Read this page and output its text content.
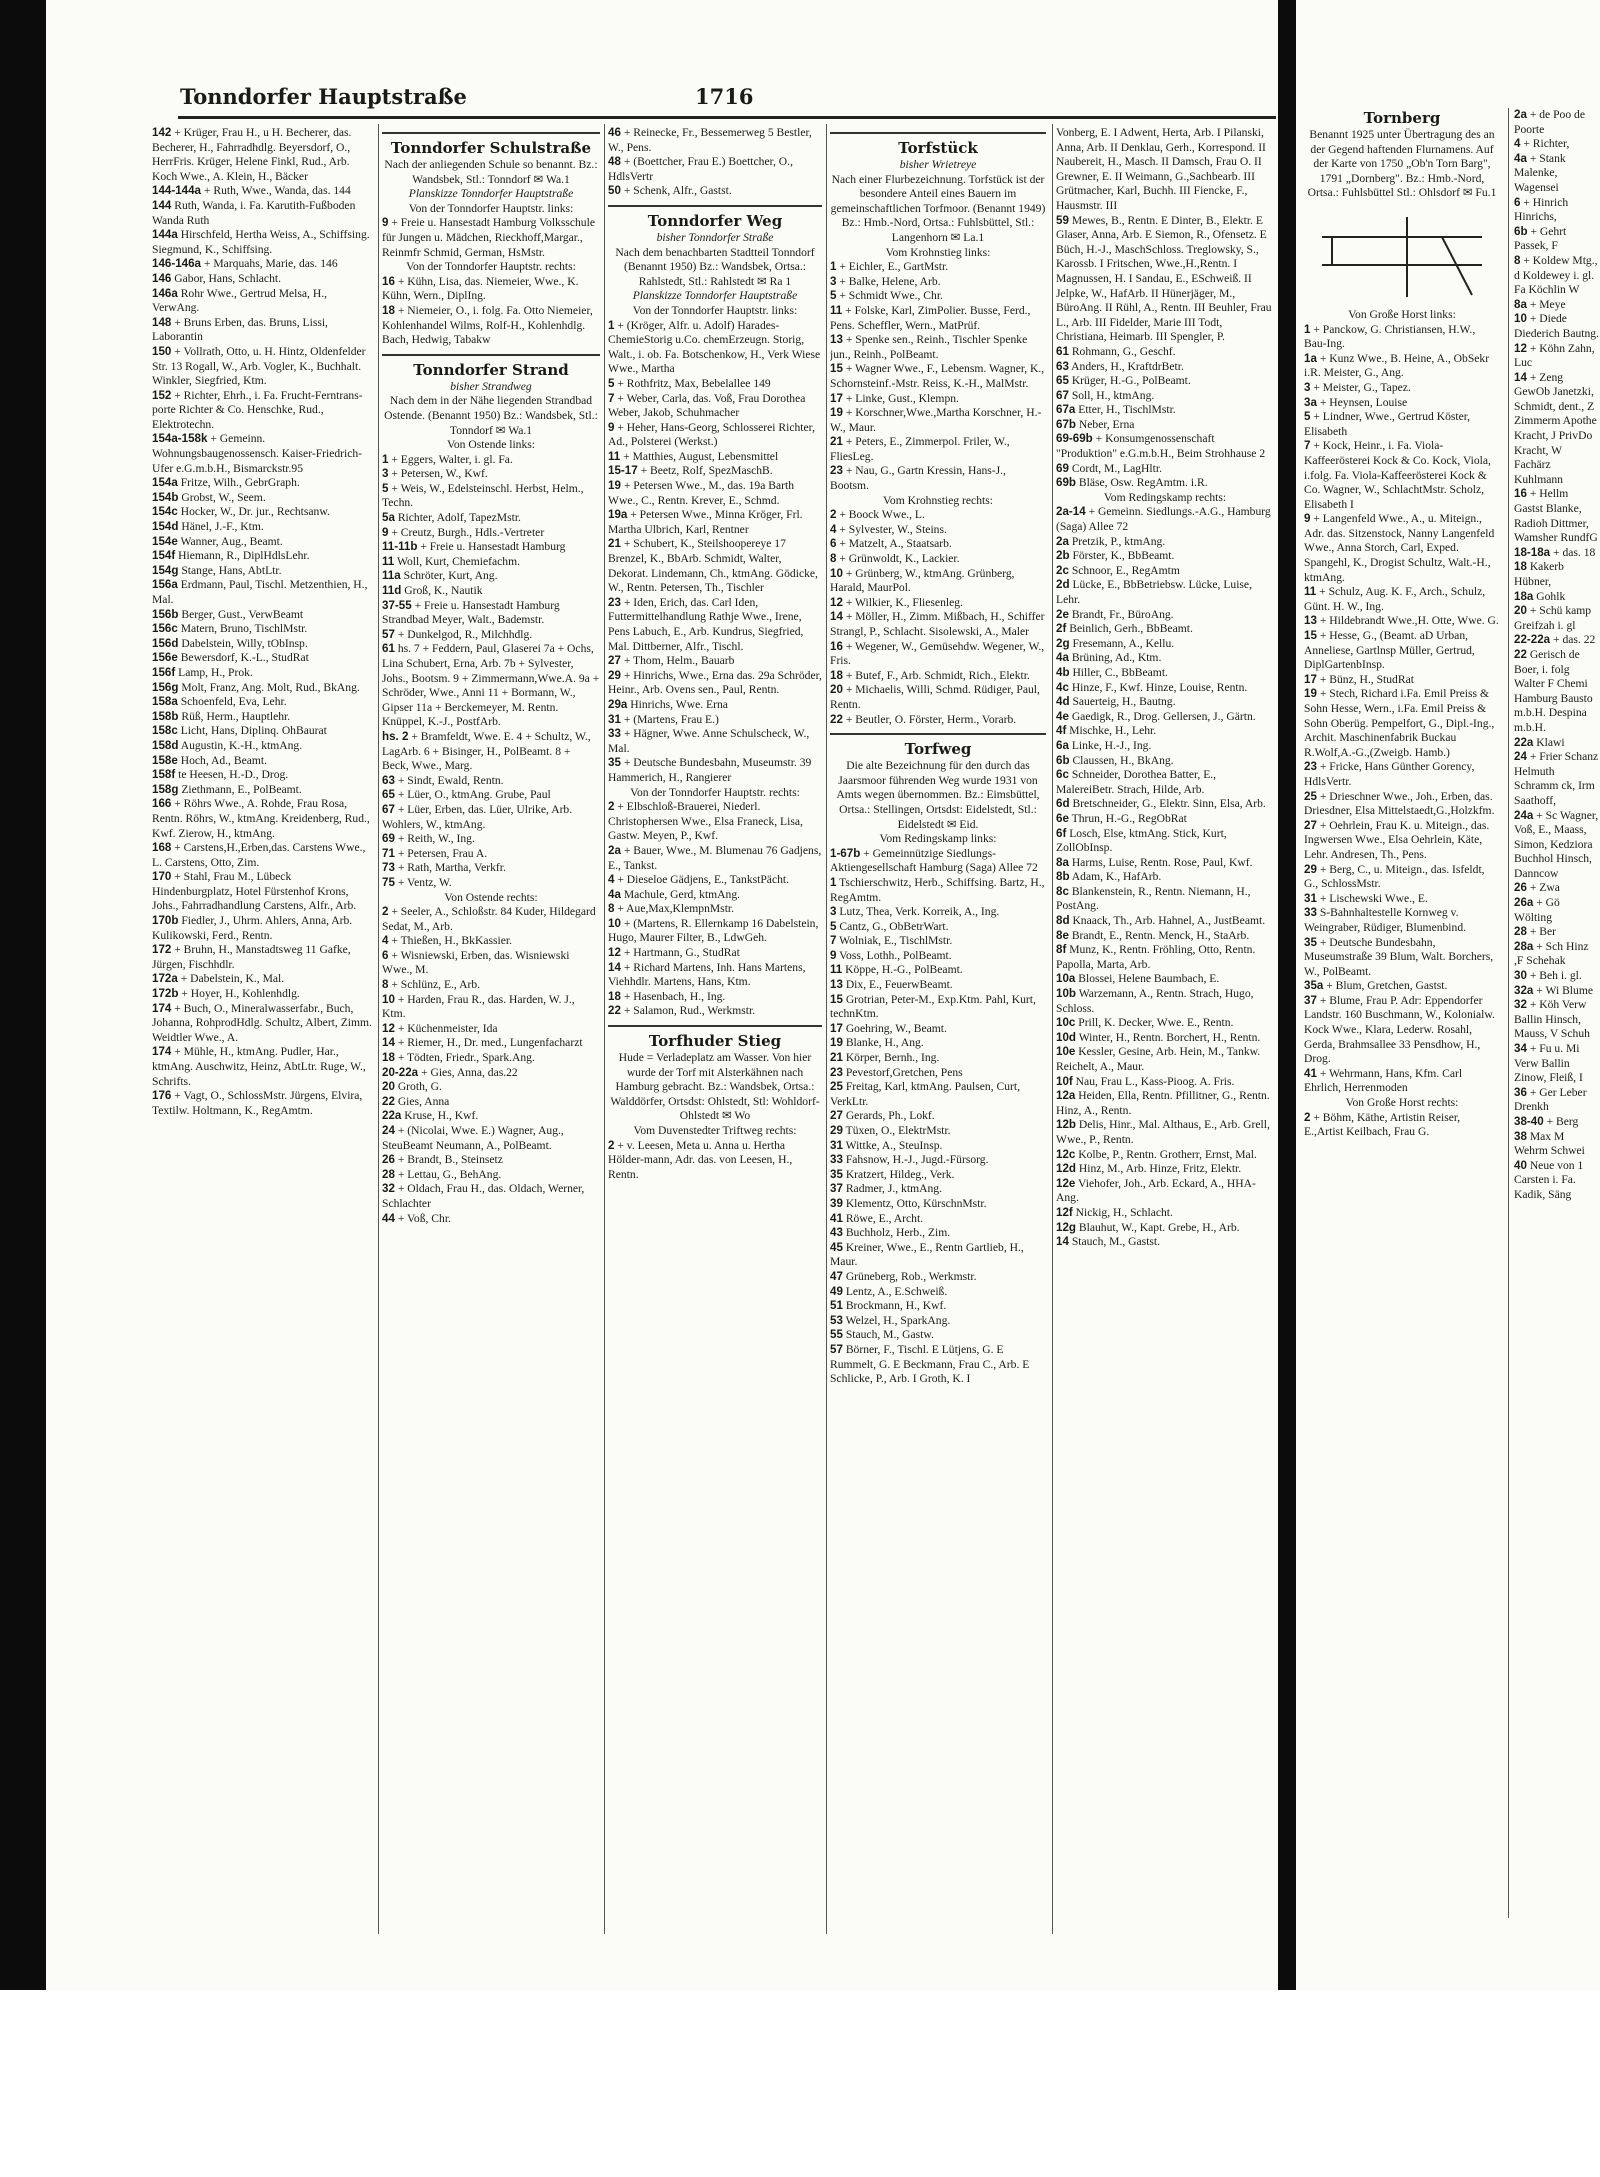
Tonndorfer Hauptstraße	1716
142 + Krüger, Frau H., u H. Becherer, das. Becherer, H., Fahrradhdlg. Beyersdorf, O., HerrFris. Krüger, Helene Finkl, Rud., Arb. Koch Wwe., A. Klein, H., Bäcker
144-144a + Ruth, Wwe., Wanda, das. 144
144 Ruth, Wanda, i. Fa. Karutith-Fußboden Wanda Ruth
144a Hirschfeld, Hertha Weiss, A., Schiffsing. Siegmund, K., Schiffsing.
146-146a + Marquahs, Marie, das. 146
146 Gabor, Hans, Schlacht.
146a Rohr Wwe., Gertrud Melsa, H., VerwAng.
148 + Bruns Erben, das. Bruns, Lissi, Laborantin
150 + Vollrath, Otto, u. H. Hintz, Oldenfelder Str. 13 Rogall, W., Arb. Vogler, K., Buchhalt. Winkler, Siegfried, Ktm.
152 + Richter, Ehrh., i. Fa. Frucht-Ferntrans-porte Richter & Co. Henschke, Rud., Elektrotechn.
154a-158k + Gemeinn. Wohnungsbaugenossensch. Kaiser-Friedrich-Ufer e.G.m.b.H., Bismarckstr.95
154a Fritze, Wilh., GebrGraph.
154b Grobst, W., Seem.
154c Hocker, W., Dr. jur., Rechtsanw.
154d Hänel, J.-F., Ktm.
154e Wanner, Aug., Beamt.
154f Hiemann, R., DiplHdlsLehr.
154g Stange, Hans, AbtLtr.
156a Erdmann, Paul, Tischl. Metzenthien, H., Mal.
156b Berger, Gust., VerwBeamt
156c Matern, Bruno, TischlMstr.
156d Dabelstein, Willy, tObInsp.
156e Bewersdorf, K.-L., StudRat
156f Lamp, H., Prok.
156g Molt, Franz, Ang. Molt, Rud., BkAng.
158a Schoenfeld, Eva, Lehr.
158b Rüß, Herm., Hauptlehr.
158c Licht, Hans, Diplinq. OhBaurat
158d Augustin, K.-H., ktmAng.
158e Hoch, Ad., Beamt.
158f te Heesen, H.-D., Drog.
158g Ziethmann, E., PolBeamt.
166 + Röhrs Wwe., A. Rohde, Frau Rosa, Rentn. Röhrs, W., ktmAng. Kreidenberg, Rud., Kwf. Zierow, H., ktmAng.
168 + Carstens,H.,Erben,das. Carstens Wwe., L. Carstens, Otto, Zim.
170 + Stahl, Frau M., Lübeck Hindenburgplatz, Hotel Fürstenhof Krons, Johs., Fahrradhandlung Carstens, Alfr., Arb.
170b Fiedler, J., Uhrm. Ahlers, Anna, Arb. Kulikowski, Ferd., Rentn.
172 + Bruhn, H., Manstadtsweg 11 Gafke, Jürgen, Fischhdlr.
172a + Dabelstein, K., Mal.
172b + Hoyer, H., Kohlenhdlg.
174 + Buch, O., Mineralwasserfabr., Buch, Johanna, RohprodHdlg. Schultz, Albert, Zimm. Weidtler Wwe., A.
174 + Mühle, H., ktmAng. Pudler, Har., ktmAng. Auschwitz, Heinz, AbtLtr. Ruge, W., Schrifts.
176 + Vagt, O., SchlossMstr. Jürgens, Elvira, Textilw. Holtmann, K., RegAmtm.
Tonndorfer Schulstraße
Nach der anliegenden Schule so benannt. Bz.: Wandsbek, Stl.: Tonndorf ✉ Wa.1
Planskizze Tonndorfer Hauptstraße
Von der Tonndorfer Hauptstr. links:
9 + Freie u. Hansestadt Hamburg Volksschule für Jungen u. Mädchen, Rieckhoff,Margar., Reinmfr Schmid, German, HsMstr.
Von der Tonndorfer Hauptstr. rechts:
16 + Kühn, Lisa, das. Niemeier, Wwe., K. Kühn, Wern., DiplIng.
18 + Niemeier, O., i. folg. Fa. Otto Niemeier, Kohlenhandel Wilms, Rolf-H., Kohlenhdlg. Bach, Hedwig, Tabakw
Tonndorfer Strand
bisher Strandweg
Nach dem in der Nähe liegenden Strandbad Ostende. (Benannt 1950) Bz.: Wandsbek, Stl.: Tonndorf ✉ Wa.1
Von Ostende links:
1 + Eggers, Walter, i. gl. Fa.
3 + Petersen, W., Kwf.
5 + Weis, W., Edelsteinschl. Herbst, Helm., Techn.
5a Richter, Adolf, TapezMstr.
9 + Creutz, Burgh., Hdls.-Vertreter
11-11b + Freie u. Hansestadt Hamburg
11 Woll, Kurt, Chemiefachm.
11a Schröter, Kurt, Ang.
11d Groß, K., Nautik
37-55 + Freie u. Hansestadt Hamburg Strandbad Meyer, Walt., Bademstr.
57 + Dunkelgod, R., Milchhdlg.
61 hs. 7 + Feddern, Paul, Glaserei 7a + Ochs, Lina Schubert, Erna, Arb. 7b + Sylvester, Johs., Bootsm. 9 + Zimmermann,Wwe.A. 9a + Schröder, Wwe., Anni 11 + Bormann, W., Gipser 11a + Berckemeyer, M. Rentn. Knüppel, K.-J., PostfArb.
hs. 2 + Bramfeldt, Wwe. E. 4 + Schultz, W., LagArb. 6 + Bisinger, H., PolBeamt. 8 + Beck, Wwe., Marg.
63 + Sindt, Ewald, Rentn.
65 + Lüer, O., ktmAng. Grube, Paul
67 + Lüer, Erben, das. Lüer, Ulrike, Arb. Wohlers, W., ktmAng.
69 + Reith, W., Ing.
71 + Petersen, Frau A.
73 + Rath, Martha, Verkfr.
75 + Ventz, W.
Von Ostende rechts:
2 + Seeler, A., Schloßstr. 84 Kuder, Hildegard Sedat, M., Arb.
4 + Thießen, H., BkKassier.
6 + Wisniewski, Erben, das. Wisniewski Wwe., M.
8 + Schlünz, E., Arb.
10 + Harden, Frau R., das. Harden, W. J., Ktm.
12 + Küchenmeister, Ida
14 + Riemer, H., Dr. med., Lungenfacharzt
18 + Tödten, Friedr., Spark.Ang.
20-22a + Gies, Anna, das.22
20 Groth, G.
22 Gies, Anna
22a Kruse, H., Kwf.
24 + (Nicolai, Wwe. E.) Wagner, Aug., SteuBeamt Neumann, A., PolBeamt.
26 + Brandt, B., Steinsetz
28 + Lettau, G., BehAng.
32 + Oldach, Frau H., das. Oldach, Werner, Schlachter
44 + Voß, Chr.
46 + Reinecke, Fr., Bessemerweg 5 Bestler, W., Pens.
48 + (Boettcher, Frau E.) Boettcher, O., HdlsVertr
50 + Schenk, Alfr., Gastst.
Tonndorfer Weg
bisher Tonndorfer Straße
Nach dem benachbarten Stadtteil Tonndorf (Benannt 1950) Bz.: Wandsbek, Ortsa.: Rahlstedt, Stl.: Rahlstedt ✉ Ra 1
Planskizze Tonndorfer Hauptstraße
Von der Tonndorfer Hauptstr. links:
1 + (Kröger, Alfr. u. Adolf) Harades-ChemieStorig u.Co. chemErzeugn. Storig, Walt., i. ob. Fa. Botschenkow, H., Verk Wiese Wwe., Martha
5 + Rothfritz, Max, Bebelallee 149
7 + Weber, Carla, das. Voß, Frau Dorothea Weber, Jakob, Schuhmacher
9 + Heher, Hans-Georg, Schlosserei Richter, Ad., Polsterei (Werkst.)
11 + Matthies, August, Lebensmittel
15-17 + Beetz, Rolf, SpezMaschB.
19 + Petersen Wwe., M., das. 19a Barth Wwe., C., Rentn. Krever, E., Schmd.
19a + Petersen Wwe., Minna Kröger, Frl. Martha Ulbrich, Karl, Rentner
21 + Schubert, K., Steilshoopereye 17 Brenzel, K., BbArb. Schmidt, Walter, Dekorat. Lindemann, Ch., ktmAng. Gödicke, W., Rentn. Petersen, Th., Tischler
23 + Iden, Erich, das. Carl Iden, Futtermittelhandlung Rathje Wwe., Irene, Pens Labuch, E., Arb. Kundrus, Siegfried, Mal. Dittberner, Alfr., Tischl.
27 + Thom, Helm., Bauarb
29 + Hinrichs, Wwe., Erna das. 29a Schröder, Heinr., Arb. Ovens sen., Paul, Rentn.
29a Hinrichs, Wwe. Erna
31 + (Martens, Frau E.)
33 + Hägner, Wwe. Anne Schulscheck, W., Mal.
35 + Deutsche Bundesbahn, Museumstr. 39 Hammerich, H., Rangierer
Von der Tonndorfer Hauptstr. rechts:
2 + Elbschloß-Brauerei, Niederl. Christophersen Wwe., Elsa Franeck, Lisa, Gastw. Meyen, P., Kwf.
2a + Bauer, Wwe., M. Blumenau 76 Gadjens, E., Tankst.
4 + Dieseloe Gädjens, E., TankstPächt.
4a Machule, Gerd, ktmAng.
8 + Aue,Max,KlempnMstr.
10 + (Martens, R. Ellernkamp 16 Dabelstein, Hugo, Maurer Filter, B., LdwGeh.
12 + Hartmann, G., StudRat
14 + Richard Martens, Inh. Hans Martens, Viehhdlr. Martens, Hans, Ktm.
18 + Hasenbach, H., Ing.
22 + Salamon, Rud., Werkmstr.
Torfhuder Stieg
Hude = Verladeplatz am Wasser. Von hier wurde der Torf mit Alsterkähnen nach Hamburg gebracht. Bz.: Wandsbek, Ortsa.: Walddörfer, Ortsdst: Ohlstedt, Stl: Wohldorf-Ohlstedt ✉ Wo
Vom Duvenstedter Triftweg rechts:
2 + v. Leesen, Meta u. Anna u. Hertha Hölder-mann, Adr. das. von Leesen, H., Rentn.
Torfstück
bisher Wrietreye
Nach einer Flurbezeichnung. Torfstück ist der besondere Anteil eines Bauern im gemeinschaftlichen Torfmoor. (Benannt 1949) Bz.: Hmb.-Nord, Ortsa.: Fuhlsbüttel, Stl.: Langenhorn ✉ La.1
Vom Krohnstieg links:
1 + Eichler, E., GartMstr.
3 + Balke, Helene, Arb.
5 + Schmidt Wwe., Chr.
11 + Folske, Karl, ZimPolier. Busse, Ferd., Pens. Scheffler, Wern., MatPrüf.
13 + Spenke sen., Reinh., Tischler Spenke jun., Reinh., PolBeamt.
15 + Wagner Wwe., F., Lebensm. Wagner, K., Schornsteinf.-Mstr. Reiss, K.-H., MalMstr.
17 + Linke, Gust., Klempn.
19 + Korschner,Wwe.,Martha Korschner, H.-W., Maur.
21 + Peters, E., Zimmerpol. Friler, W., FliesLeg.
23 + Nau, G., Gartn Kressin, Hans-J., Bootsm.
Vom Krohnstieg rechts:
2 + Boock Wwe., L.
4 + Sylvester, W., Steins.
6 + Matzelt, A., Staatsarb.
8 + Grünwoldt, K., Lackier.
10 + Grünberg, W., ktmAng. Grünberg, Harald, MaurPol.
12 + Wilkier, K., Fliesenleg.
14 + Möller, H., Zimm. Mißbach, H., Schiffer Strangl, P., Schlacht. Sisolewski, A., Maler
16 + Wegener, W., Gemüsehdw. Wegener, W., Fris.
18 + Butef, F., Arb. Schmidt, Rich., Elektr.
20 + Michaelis, Willi, Schmd. Rüdiger, Paul, Rentn.
22 + Beutler, O. Förster, Herm., Vorarb.
Torfweg
Die alte Bezeichnung für den durch das Jaarsmoor führenden Weg wurde 1931 von Amts wegen übernommen. Bz.: Eimsbüttel, Ortsa.: Stellingen, Ortsdst: Eidelstedt, Stl.: Eidelstedt ✉ Eid.
Vom Redingskamp links:
1-67b + Gemeinnützige Siedlungs-Aktiengesellschaft Hamburg (Saga) Allee 72
1 Tschierschwitz, Herb., Schiffsing. Bartz, H., RegAmtm.
3 Lutz, Thea, Verk. Korreik, A., Ing.
5 Cantz, G., ObBetrWart.
7 Wolniak, E., TischlMstr.
9 Voss, Lothh., PolBeamt.
11 Köppe, H.-G., PolBeamt.
13 Dix, E., FeuerwBeamt.
15 Grotrian, Peter-M., Exp.Ktm. Pahl, Kurt, technKtm.
17 Goehring, W., Beamt.
19 Blanke, H., Ang.
21 Körper, Bernh., Ing.
23 Pevestorf,Gretchen, Pens
25 Freitag, Karl, ktmAng. Paulsen, Curt, VerkLtr.
27 Gerards, Ph., Lokf.
29 Tüxen, O., ElektrMstr.
31 Wittke, A., SteuInsp.
33 Fahsnow, H.-J., Jugd.-Fürsorg.
35 Kratzert, Hildeg., Verk.
37 Radmer, J., ktmAng.
39 Klementz, Otto, KürschnMstr.
41 Röwe, E., Archt.
43 Buchholz, Herb., Zim.
45 Kreiner, Wwe., E., Rentn Gartlieb, H., Maur.
47 Grüneberg, Rob., Werkmstr.
49 Lentz, A., E.Schweiß.
51 Brockmann, H., Kwf.
53 Welzel, H., SparkAng.
55 Stauch, M., Gastw.
57 Börner, F., Tischl. E Lütjens, G. E Rummelt, G. E Beckmann, Frau C., Arb. E Schlicke, P., Arb. I Groth, K. I
Vonberg, E. I Adwent, Herta, Arb. I Pilanski, Anna, Arb. II Denklau, Gerh., Korrespond. II Naubereit, H., Masch. II Damsch, Frau O. II Grewner, E. II Weimann, G.,Sachbearb. III Grütmacher, Karl, Buchh. III Fiencke, F., Hausmstr. III
59 Mewes, B., Rentn. E Dinter, B., Elektr. E Glaser, Anna, Arb. E Siemon, R., Ofensetz. E Büch, H.-J., MaschSchloss. Treglowsky, S., Karossb. I Fritschen, Wwe.,H.,Rentn. I Magnussen, H. I Sandau, E., ESchweiß. II Jelpke, W., HafArb. II Hünerjäger, M., BüroAng. II Rühl, A., Rentn. III Beuhler, Frau L., Arb. III Fidelder, Marie III Todt, Christiana, Heimarb. III Spengler, P.
61 Rohmann, G., Geschf.
63 Anders, H., KraftdrBetr.
65 Krüger, H.-G., PolBeamt.
67 Soll, H., ktmAng.
67a Etter, H., TischlMstr.
67b Neber, Erna
69-69b + Konsumgenossenschaft "Produktion" e.G.m.b.H., Beim Strohhause 2
69 Cordt, M., LagHltr.
69b Bläse, Osw. RegAmtm. i.R.
Vom Redingskamp rechts:
2a-14 + Gemeinn. Siedlungs.-A.G., Hamburg (Saga) Allee 72
2a Pretzik, P., ktmAng.
2b Förster, K., BbBeamt.
2c Schnoor, E., RegAmtm
2d Lücke, E., BbBetriebsw. Lücke, Luise, Lehr.
2e Brandt, Fr., BüroAng.
2f Beinlich, Gerh., BbBeamt.
2g Fresemann, A., Kellu.
4a Brüning, Ad., Ktm.
4b Hiller, C., BbBeamt.
4c Hinze, F., Kwf. Hinze, Louise, Rentn.
4d Sauerteig, H., Bautng.
4e Gaedigk, R., Drog. Gellersen, J., Gärtn.
4f Mischke, H., Lehr.
6a Linke, H.-J., Ing.
6b Claussen, H., BkAng.
6c Schneider, Dorothea Batter, E., MalereiBetr. Strach, Hilde, Arb.
6d Bretschneider, G., Elektr. Sinn, Elsa, Arb.
6e Thrun, H.-G., RegObRat
6f Losch, Else, ktmAng. Stick, Kurt, ZollObInsp.
8a Harms, Luise, Rentn. Rose, Paul, Kwf.
8b Adam, K., HafArb.
8c Blankenstein, R., Rentn. Niemann, H., PostAng.
8d Knaack, Th., Arb. Hahnel, A., JustBeamt.
8e Brandt, E., Rentn. Menck, H., StaArb.
8f Munz, K., Rentn. Fröhling, Otto, Rentn. Papolla, Marta, Arb.
10a Blossei, Helene Baumbach, E.
10b Warzemann, A., Rentn. Strach, Hugo, Schloss.
10c Prill, K. Decker, Wwe. E., Rentn.
10d Winter, H., Rentn. Borchert, H., Rentn.
10e Kessler, Gesine, Arb. Hein, M., Tankw. Reichelt, A., Maur.
10f Nau, Frau L., Kass-Pioog. A. Fris.
12a Heiden, Ella, Rentn. Pfillitner, G., Rentn. Hinz, A., Rentn.
12b Delis, Hinr., Mal. Althaus, E., Arb. Grell, Wwe., P., Rentn.
12c Kolbe, P., Rentn. Grotherr, Ernst, Mal.
12d Hinz, M., Arb. Hinze, Fritz, Elektr.
12e Viehofer, Joh., Arb. Eckard, A., HHA-Ang.
12f Nickig, H., Schlacht.
12g Blauhut, W., Kapt. Grebe, H., Arb.
14 Stauch, M., Gastst.
Tornberg
Benannt 1925 unter Übertragung des an der Gegend haftenden Flurnamens. Auf der Karte von 1750 „Ob'n Torn Barg", 1791 „Dornberg". Bz.: Hmb.-Nord, Ortsa.: Fuhlsbüttel Stl.: Ohlsdorf ✉ Fu.1
Von Große Horst links:
1 + Panckow, G. Christiansen, H.W., Bau-Ing.
1a + Kunz Wwe., B. Heine, A., ObSekr i.R. Meister, G., Ang.
3 + Meister, G., Tapez.
3a + Heynsen, Louise
5 + Lindner, Wwe., Gertrud Köster, Elisabeth
7 + Kock, Heinr., i. Fa. Viola-Kaffeerösterei Kock & Co. Kock, Viola, i.folg. Fa. Viola-Kaffeerösterei Kock & Co. Wagner, W., SchlachtMstr. Scholz, Elisabeth I
9 + Langenfeld Wwe., A., u. Miteign., Adr. das. Sitzenstock, Nanny Langenfeld Wwe., Anna Storch, Carl, Exped. Spangehl, K., Drogist Schultz, Walt.-H., ktmAng.
11 + Schulz, Aug. K. F., Arch., Schulz, Günt. H. W., Ing.
13 + Hildebrandt Wwe.,H. Otte, Wwe. G.
15 + Hesse, G., (Beamt. aD Urban, Anneliese, Gartlnsp Müller, Gertrud, DiplGartenbInsp.
17 + Bünz, H., StudRat
19 + Stech, Richard i.Fa. Emil Preiss & Sohn Hesse, Wern., i.Fa. Emil Preiss & Sohn Oberüg. Pempelfort, G., Dipl.-Ing., Archit. Maschinenfabrik Buckau R.Wolf,A.-G.,(Zweigb. Hamb.)
23 + Fricke, Hans Günther Gorency, HdlsVertr.
25 + Drieschner Wwe., Joh., Erben, das. Driesdner, Elsa Mittelstaedt,G.,Holzkfm.
27 + Oehrlein, Frau K. u. Miteign., das. Ingwersen Wwe., Elsa Oehrlein, Käte, Lehr. Andresen, Th., Pens.
29 + Berg, C., u. Miteign., das. Isfeldt, G., SchlossMstr.
31 + Lischewski Wwe., E.
33 S-Bahnhaltestelle Kornweg v. Weingraber, Rüdiger, Blumenbind.
35 + Deutsche Bundesbahn, Museumstraße 39 Blum, Walt. Borchers, W., PolBeamt.
35a + Blum, Gretchen, Gastst.
37 + Blume, Frau P. Adr: Eppendorfer Landstr. 160 Buschmann, W., Kolonialw. Kock Wwe., Klara, Lederw. Rosahl, Gerda, Brahmsallee 33 Pensdhow, H., Drog.
41 + Wehrmann, Hans, Kfm. Carl Ehrlich, Herrenmoden
Von Große Horst rechts:
2 + Böhm, Käthe, Artistin Reiser, E.,Artist Keilbach, Frau G.
2a + de Poo de Poorte
4 + Richter,
4a + Stank Malenke, Wagensei
6 + Hinrich Hinrichs,
6b + Gehrt Passek, F
8 + Koldew Mtg., d Koldewey i. gl. Fa Köchlin W
8a + Meye
10 + Diede Diederich Bautng.
12 + Köhn Zahn, Luc
14 + Zeng GewOb Janetzki, Schmidt, dent., Z Zimmerm Apothe Kracht, J PrivDo Kracht, W Fachärz Kuhlmann
16 + Hellm Gastst Blanke, Radioh Dittmer, Wamsher RundfG
18-18a + das. 18
18 Kakerb Hübner,
18a Gohlk
20 + Schü kamp Greifzah i. gl
22-22a + das. 22
22 Gerisch de Boer, i. folg Walter F Chemi Hamburg Bausto m.b.H. Despina m.b.H.
22a Klawi
24 + Frier Schanz Helmuth
Schramm ck, Irm Saathoff,
24a + Sc Wagner,
Voß, E., Maass, Simon, Kedziora Buchhol Hinsch, Danncow
26 + Zwa
26a + Gö Wölting
28 + Ber
28a + Sch Hinz ,F Schehak
30 + Beh i. gl.
32a + Wi Blume
32 + Köh Verw Ballin Hinsch, Mauss, V Schuh
34 + Fu u. Mi Verw Ballin Zinow, Fleiß, I
36 + Ger Leber Drenkh
38-40 + Berg
38 Max M Wehrm Schwei
40 Neue von 1 Carsten i. Fa. Kadik, Säng
